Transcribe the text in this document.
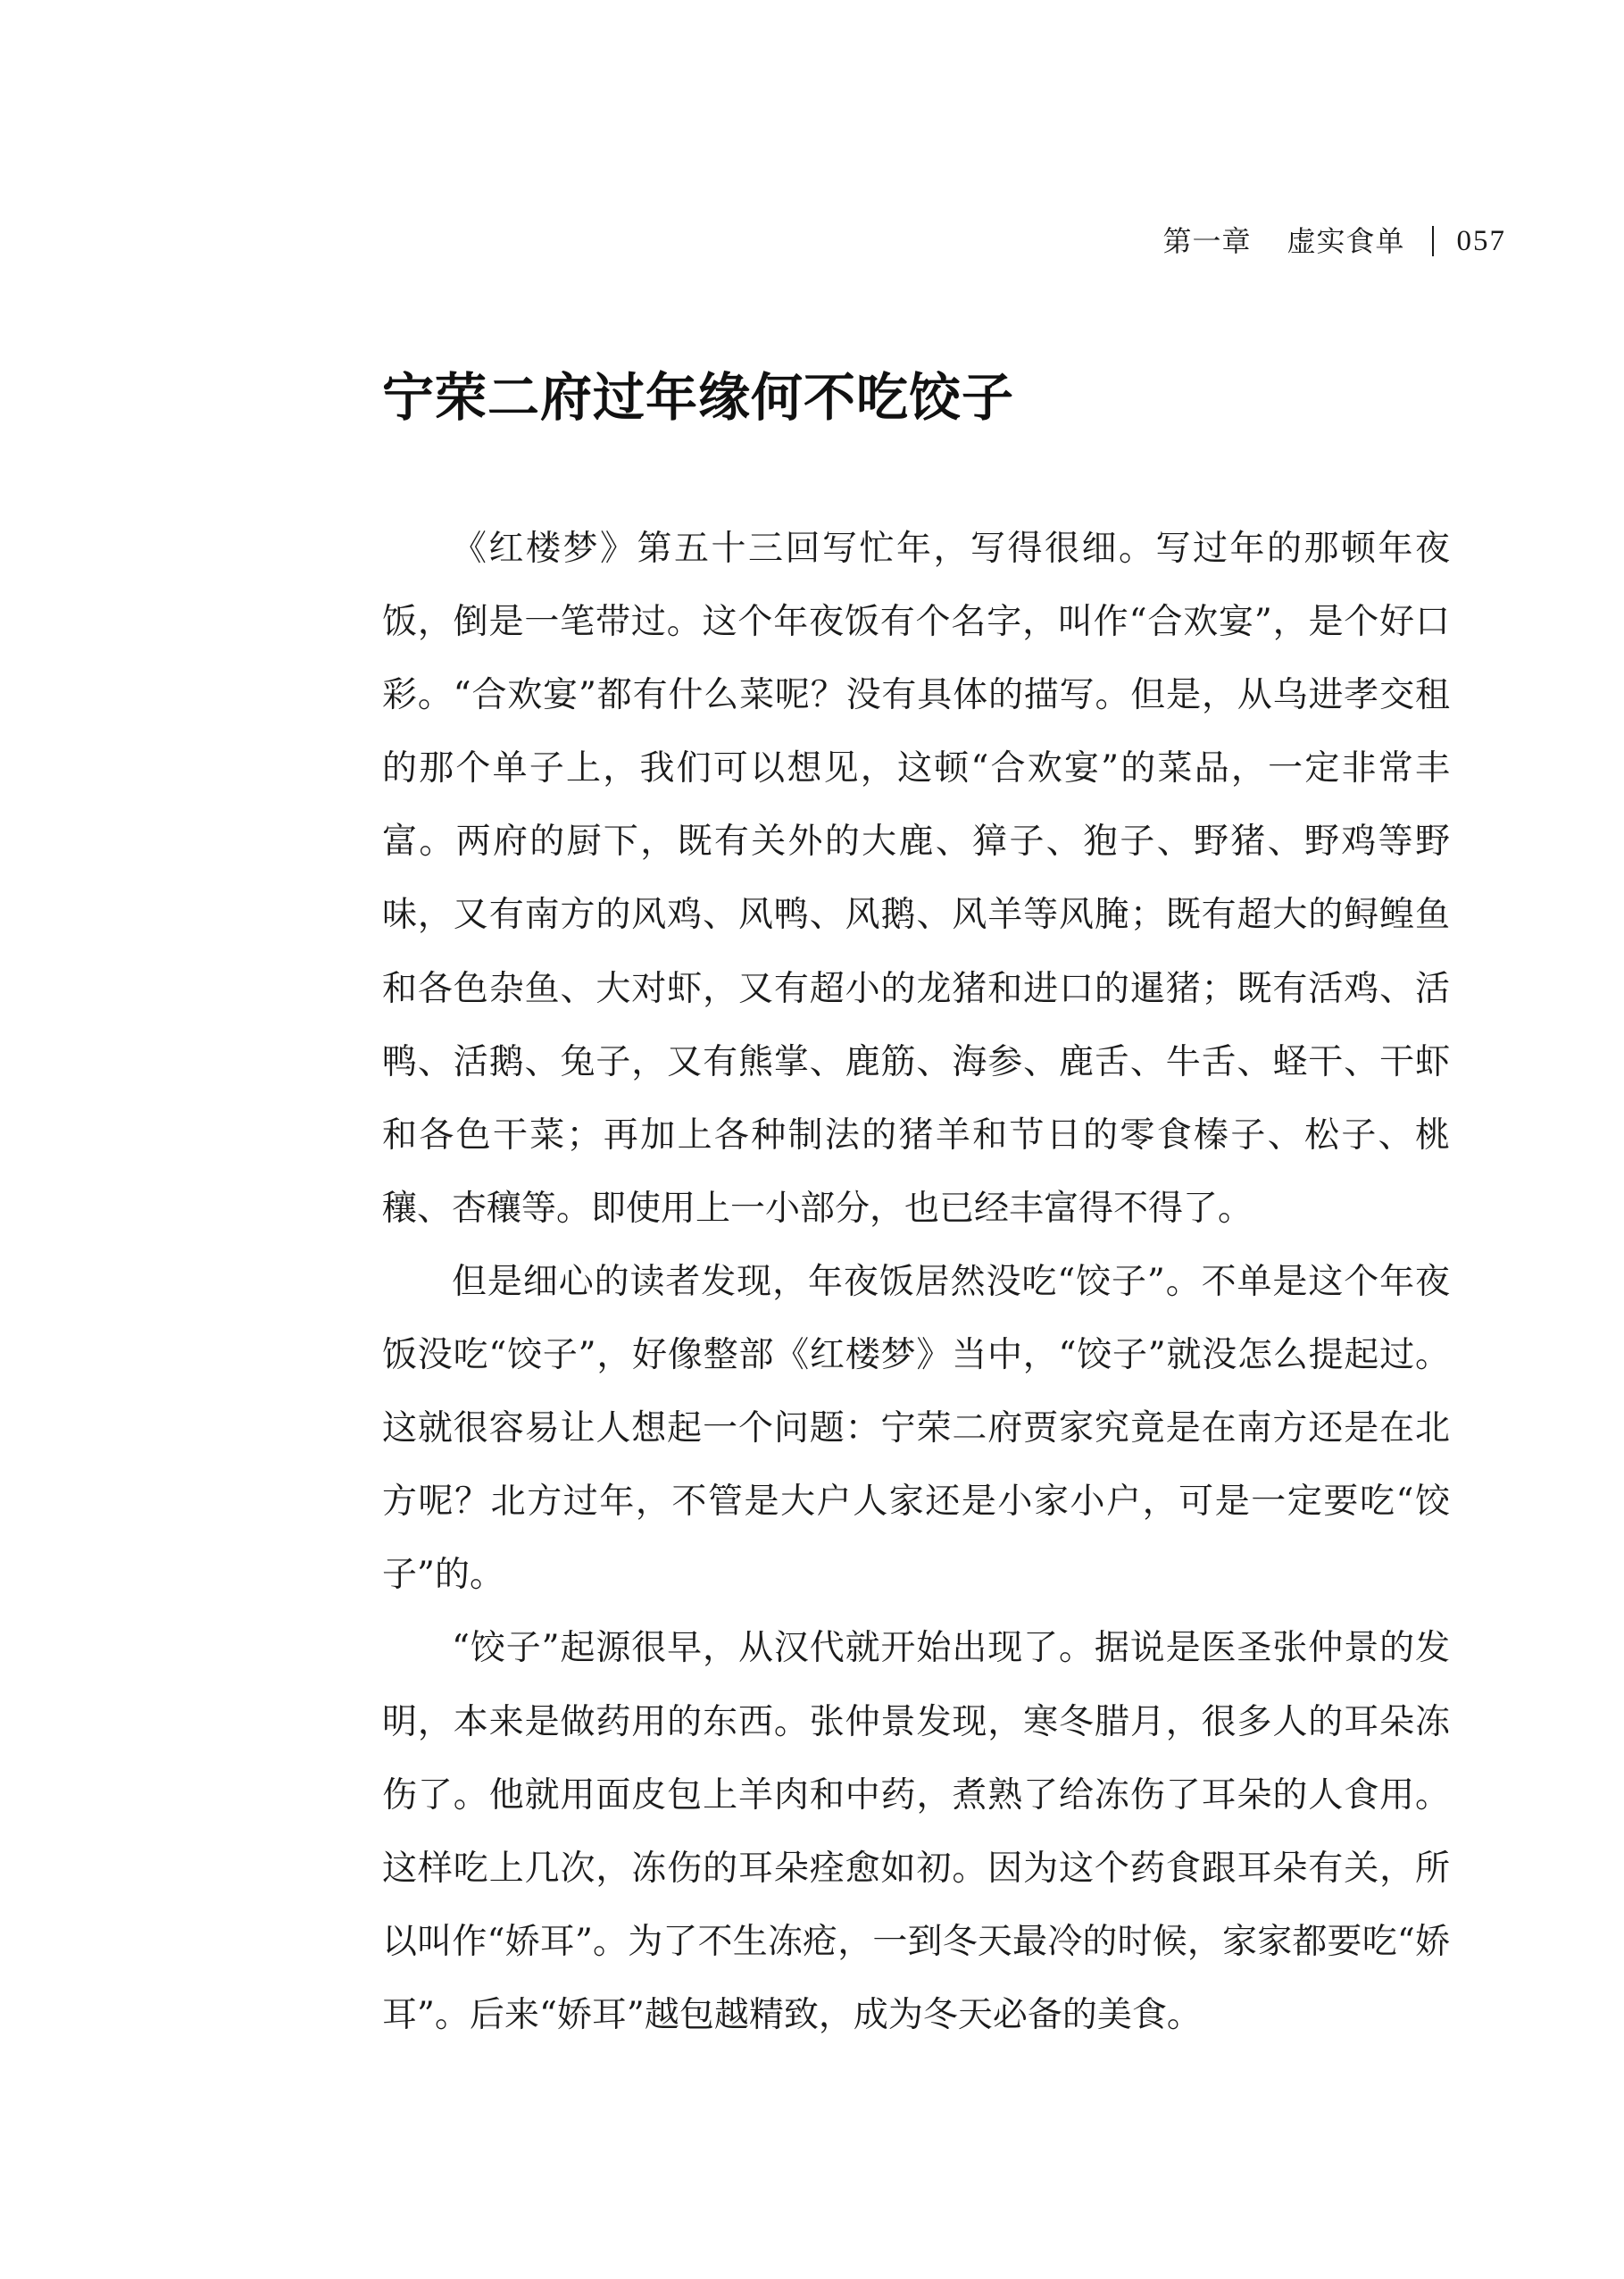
第一章 虚实食单 057
宁荣二府过年缘何不吃饺子

《红楼梦》第五十三回写忙年，写得很细。写过年的那顿年夜饭，倒是一笔带过。这个年夜饭有个名字，叫作“合欢宴”，是个好口彩。“合欢宴”都有什么菜呢？没有具体的描写。但是，从乌进孝交租的那个单子上，我们可以想见，这顿“合欢宴”的菜品，一定非常丰富。两府的厨下，既有关外的大鹿、獐子、狍子、野猪、野鸡等野味，又有南方的风鸡、风鸭、风鹅、风羊等风腌；既有超大的鲟鳇鱼和各色杂鱼、大对虾，又有超小的龙猪和进口的暹猪；既有活鸡、活鸭、活鹅、兔子，又有熊掌、鹿筋、海参、鹿舌、牛舌、蛏干、干虾和各色干菜；再加上各种制法的猪羊和节日的零食榛子、松子、桃穰、杏穰等。即使用上一小部分，也已经丰富得不得了。

但是细心的读者发现，年夜饭居然没吃“饺子”。不单是这个年夜饭没吃“饺子”，好像整部《红楼梦》当中，“饺子”就没怎么提起过。这就很容易让人想起一个问题：宁荣二府贾家究竟是在南方还是在北方呢？北方过年，不管是大户人家还是小家小户，可是一定要吃“饺子”的。

“饺子”起源很早，从汉代就开始出现了。据说是医圣张仲景的发明，本来是做药用的东西。张仲景发现，寒冬腊月，很多人的耳朵冻伤了。他就用面皮包上羊肉和中药，煮熟了给冻伤了耳朵的人食用。这样吃上几次，冻伤的耳朵痊愈如初。因为这个药食跟耳朵有关，所以叫作“娇耳”。为了不生冻疮，一到冬天最冷的时候，家家都要吃“娇耳”。后来“娇耳”越包越精致，成为冬天必备的美食。
